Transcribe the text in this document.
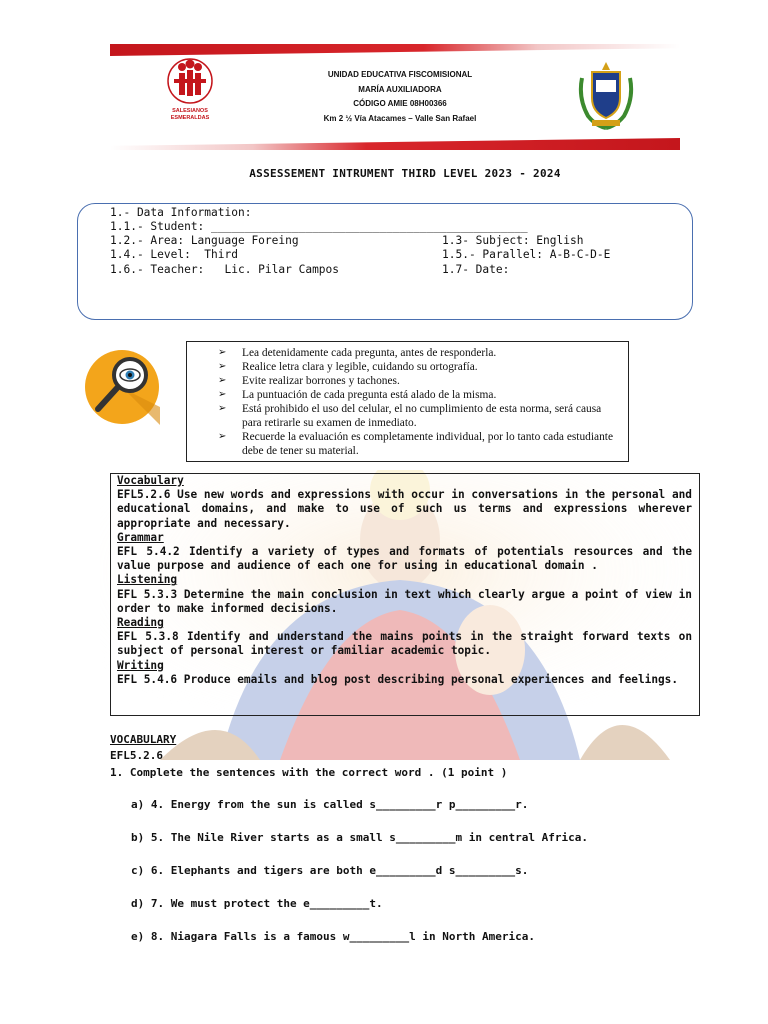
SALESIANOS
ESMERALDAS
UNIDAD EDUCATIVA FISCOMISIONAL
MARÍA AUXILIADORA
CÓDIGO AMIE 08H00366
Km 2 ½ Vía Atacames – Valle San Rafael
ASSESSEMENT INTRUMENT THIRD LEVEL 2023 - 2024
1.- Data Information:
1.1.- Student: _______________________________________________
1.2.- Area: Language Foreing	1.3- Subject: English
1.4.- Level:  Third	1.5.- Parallel: A-B-C-D-E
1.6.- Teacher:   Lic. Pilar Campos	1.7- Date:
➢ Lea detenidamente cada pregunta, antes de responderla.
➢ Realice letra clara y legible, cuidando su ortografía.
➢ Evite realizar borrones y tachones.
➢ La puntuación de cada pregunta está alado de la misma.
➢ Está prohibido el uso del celular, el no cumplimiento de esta norma, será causa para retirarle su examen de inmediato.
➢ Recuerde la evaluación es completamente individual, por lo tanto cada estudiante debe de tener su material.
Vocabulary
EFL5.2.6 Use new words and expressions with occur in conversations in the personal and educational domains, and make to use of such us terms and expressions wherever appropriate and necessary.
Grammar
EFL 5.4.2 Identify a variety of types and formats of potentials resources and the value purpose and audience of each one for using in educational domain .
Listening
EFL 5.3.3 Determine the main conclusion in text which clearly argue a point of view in order to make informed decisions.
Reading
EFL 5.3.8 Identify and understand the mains points in the straight forward texts on subject of personal interest or familiar academic topic.
Writing
EFL 5.4.6 Produce emails and blog post describing personal experiences and feelings.
VOCABULARY
EFL5.2.6
1. Complete the sentences with the correct word . (1 point )
a) 4. Energy from the sun is called s_________r p_________r.
b) 5. The Nile River starts as a small s_________m in central Africa.
c) 6. Elephants and tigers are both e_________d s_________s.
d) 7. We must protect the e_________t.
e) 8. Niagara Falls is a famous w_________l in North America.
